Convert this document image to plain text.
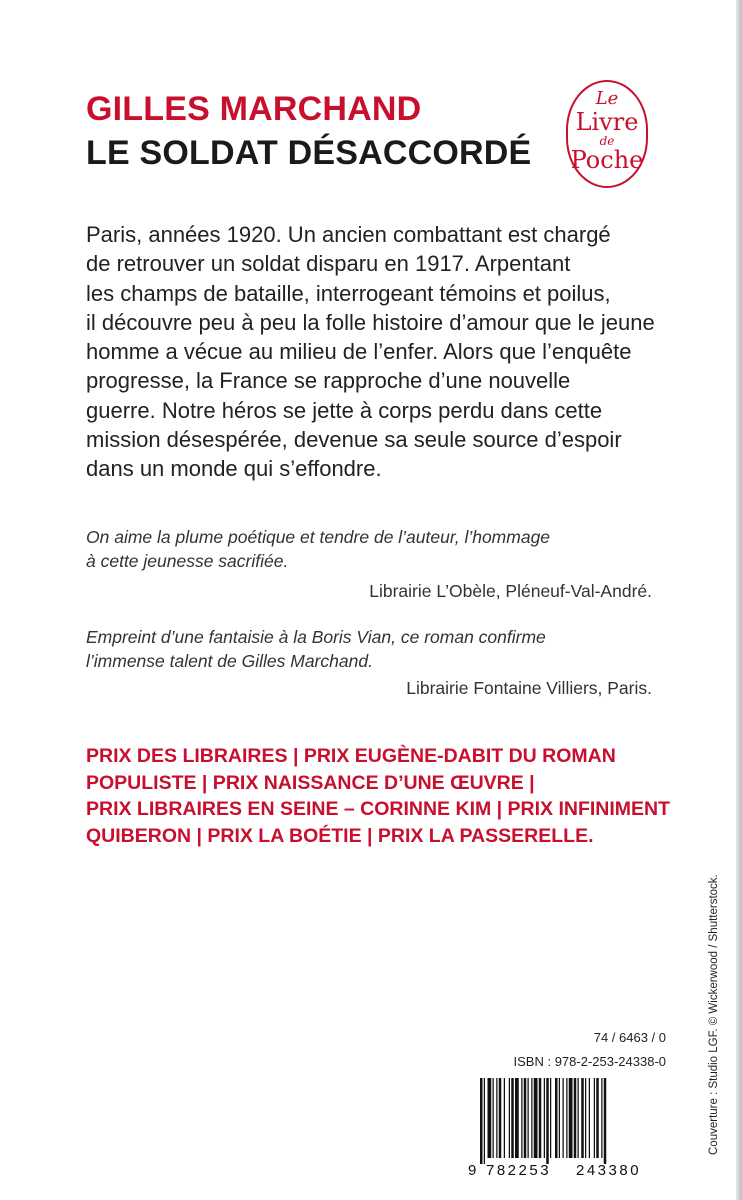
GILLES MARCHAND
LE SOLDAT DÉSACCORDÉ
Le
Livre
de
Poche

Paris, années 1920. Un ancien combattant est chargé
de retrouver un soldat disparu en 1917. Arpentant
les champs de bataille, interrogeant témoins et poilus,
il découvre peu à peu la folle histoire d’amour que le jeune
homme a vécue au milieu de l’enfer. Alors que l’enquête
progresse, la France se rapproche d’une nouvelle
guerre. Notre héros se jette à corps perdu dans cette
mission désespérée, devenue sa seule source d’espoir
dans un monde qui s’effondre.

On aime la plume poétique et tendre de l’auteur, l’hommage
à cette jeunesse sacrifiée.

Librairie L’Obèle, Pléneuf-Val-André.

Empreint d’une fantaisie à la Boris Vian, ce roman confirme
l’immense talent de Gilles Marchand.

Librairie Fontaine Villiers, Paris.

PRIX DES LIBRAIRES | PRIX EUGÈNE-DABIT DU ROMAN
POPULISTE | PRIX NAISSANCE D’UNE ŒUVRE |
PRIX LIBRAIRES EN SEINE – CORINNE KIM | PRIX INFINIMENT
QUIBERON | PRIX LA BOÉTIE | PRIX LA PASSERELLE.

Couverture : Studio LGF. © Wickerwood / Shutterstock.
74 / 6463 / 0
ISBN : 978-2-253-24338-0
9 782253 243380
